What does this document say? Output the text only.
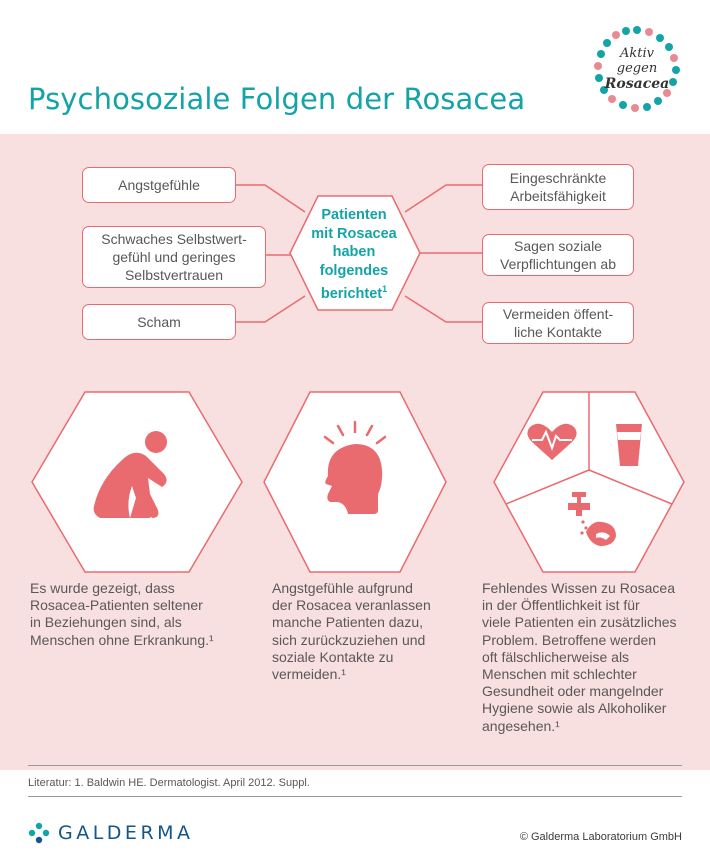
Psychosoziale Folgen der Rosacea
Aktiv
gegen
Rosacea
Patienten
mit Rosacea
haben
folgendes
berichtet$^1$
Angstgefühle
Schwaches Selbstwert-
gefühl und geringes
Selbstvertrauen
Scham
Eingeschränkte
Arbeitsfähigkeit
Sagen soziale
Verpflichtungen ab
Vermeiden öffent-
liche Kontakte
Es wurde gezeigt, dass
Rosacea-Patienten seltener
in Beziehungen sind, als
Menschen ohne Erkrankung.¹
Angstgefühle aufgrund
der Rosacea veranlassen
manche Patienten dazu,
sich zurückzuziehen und
soziale Kontakte zu
vermeiden.¹
Fehlendes Wissen zu Rosacea
in der Öffentlichkeit ist für
viele Patienten ein zusätzliches
Problem. Betroffene werden
oft fälschlicherweise als
Menschen mit schlechter
Gesundheit oder mangelnder
Hygiene sowie als Alkoholiker
angesehen.¹
Literatur: 1. Baldwin HE. Dermatologist. April 2012. Suppl.
GALDERMA	© Galderma Laboratorium GmbH
